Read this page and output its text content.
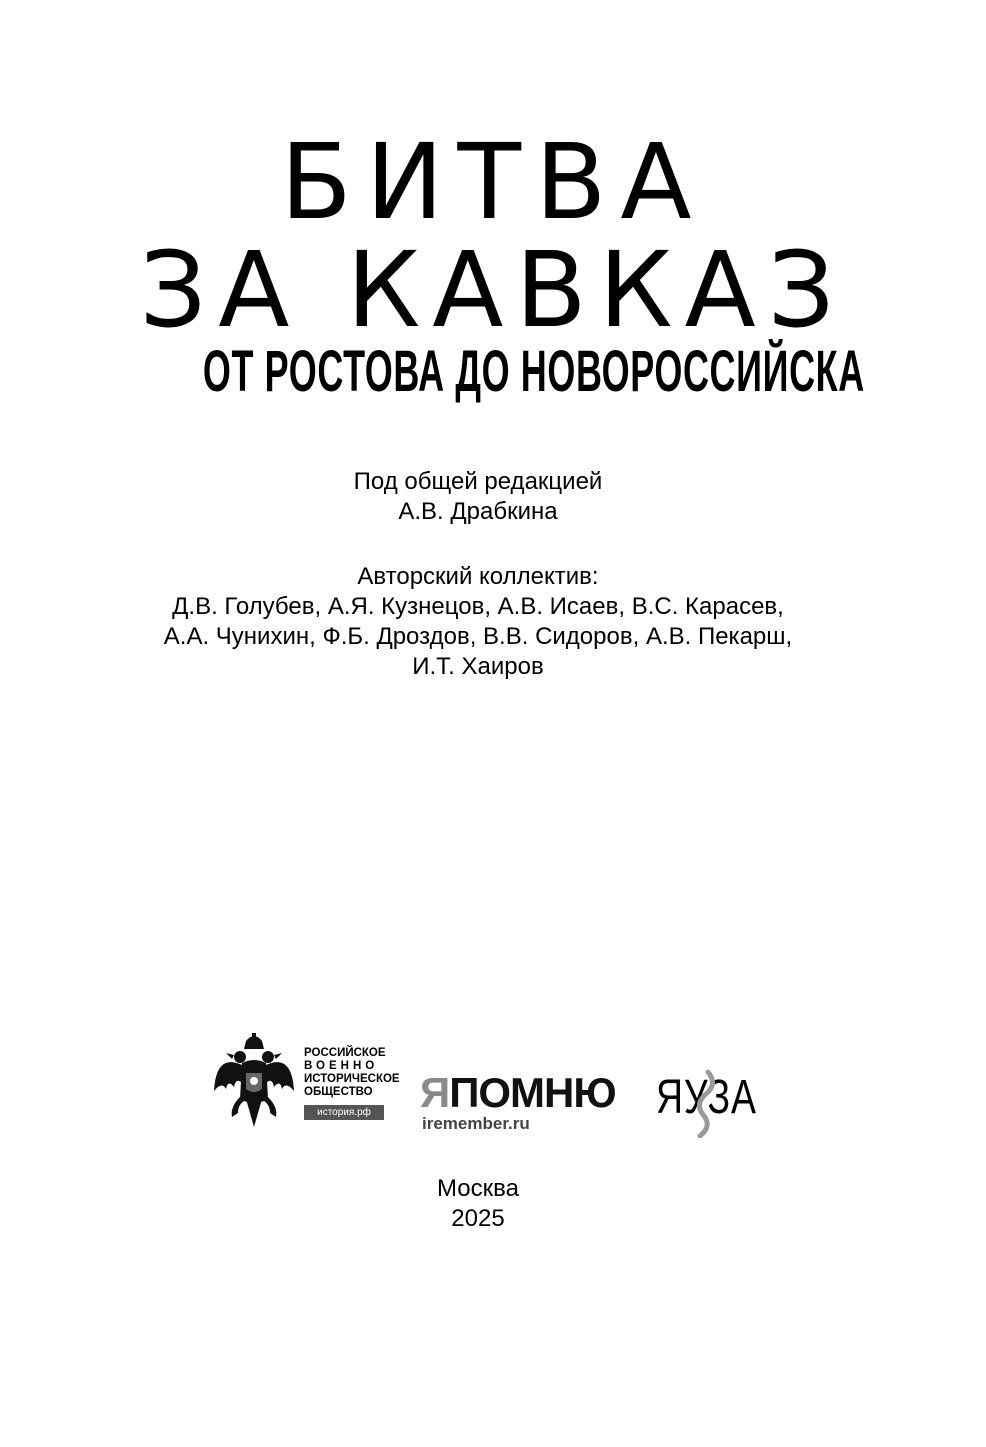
БИТВА
ЗА КАВКАЗ
ОТ РОСТОВА ДО НОВОРОССИЙСКА
Под общей редакцией
А.В. Драбкина
Авторский коллектив:
Д.В. Голубев, А.Я. Кузнецов, А.В. Исаев, В.С. Карасев,
А.А. Чунихин, Ф.Б. Дроздов, В.В. Сидоров, А.В. Пекарш,
И.Т. Хаиров
РОССИЙСКОЕ
ВОЕННО
ИСТОРИЧЕСКОЕ
ОБЩЕСТВО
история.рф	ЯПОМНЮ
iremember.ru	ЯУЗА
Москва
2025
